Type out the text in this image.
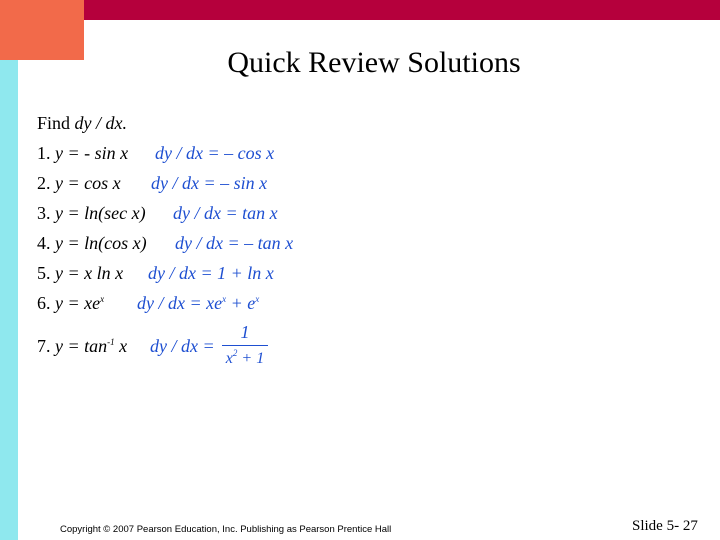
Quick Review Solutions
Find dy / dx.
1. y = - sin x dy / dx = – cos x
2. y = cos x dy / dx = – sin x
3. y = ln(sec x) dy / dx = tan x
4. y = ln(cos x) dy / dx = – tan x
5. y = x ln x dy / dx = 1 + ln x
6. $y = xe^x$ dy / dx = $xe^x + e^x$
7. $y = \tan^{-1} x$ dy / dx =
1
$x^2 + 1$
Copyright © 2007 Pearson Education, Inc. Publishing as Pearson Prentice Hall	Slide 5- 27
